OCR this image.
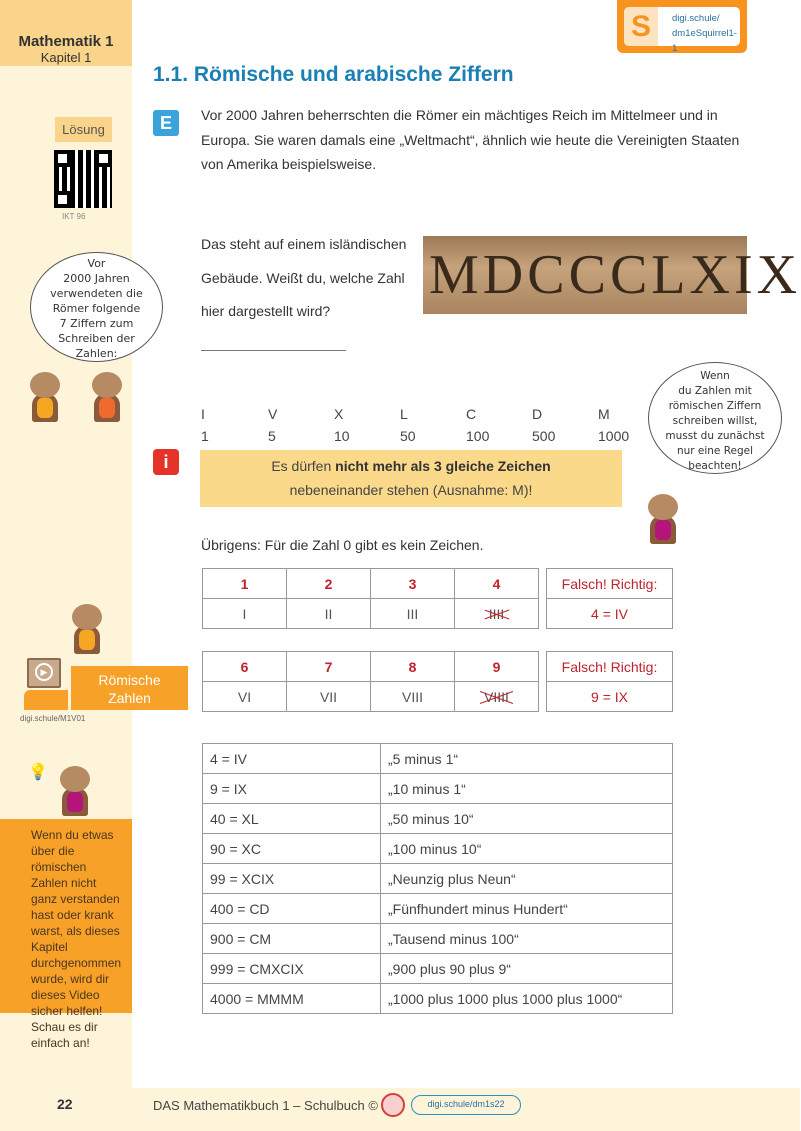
Mathematik 1
Kapitel 1
Lösung
IKT 96
Vor
2000 Jahren
verwendeten die
Römer folgende
7 Ziffern zum
Schreiben der
Zahlen:
▶	Römische
Zahlen
digi.schule/M1V01
💡
Wenn du etwas über die römischen Zahlen nicht ganz verstanden hast oder krank warst, als dieses Kapitel durchgenommen wurde, wird dir dieses Video sicher helfen! Schau es dir einfach an!
S	digi.schule/
dm1eSquirrel1-1
1.1. Römische und arabische Ziffern
E	Vor 2000 Jahren beherrschten die Römer ein mächtiges Reich im Mittelmeer und in Europa. Sie waren damals eine „Weltmacht“, ähnlich wie heute die Vereinigten Staaten von Amerika beispielsweise.
Das steht auf einem isländischen
Gebäude. Weißt du, welche Zahl
hier dargestellt wird?
MDCCCLXIX
I	V	X	L	C	D	M
1	5	10	50	100	500	1000
Wenn
du Zahlen mit
römischen Ziffern
schreiben willst,
musst du zunächst
nur eine Regel
beachten!
i	Es dürfen nicht mehr als 3 gleiche Zeichen
nebeneinander stehen (Ausnahme: M)!
Übrigens: Für die Zahl 0 gibt es kein Zeichen.
1	2	3	4
I	II	III	IIII
Falsch! Richtig:
4 = IV
6	7	8	9
VI	VII	VIII	VIIII
Falsch! Richtig:
9 = IX
4 = IV	„5 minus 1“
9 = IX	„10 minus 1“
40 = XL	„50 minus 10“
90 = XC	„100 minus 10“
99 = XCIX	„Neunzig plus Neun“
400 = CD	„Fünfhundert minus Hundert“
900 = CM	„Tausend minus 100“
999 = CMXCIX	„900 plus 90 plus 9“
4000 = MMMM	„1000 plus 1000 plus 1000 plus 1000“
22	DAS Mathematikbuch 1 – Schulbuch ©	digi.schule/dm1s22
